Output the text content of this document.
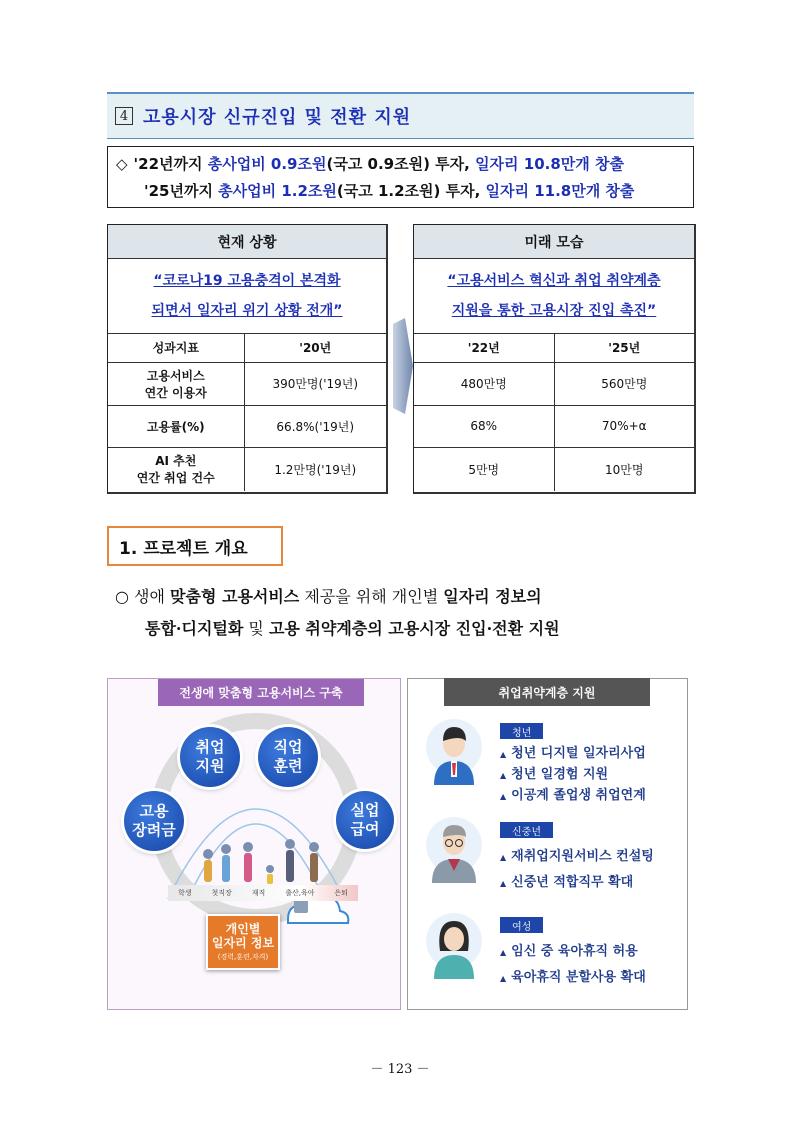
4 고용시장 신규진입 및 전환 지원
◇ '22년까지 총사업비 0.9조원(국고 0.9조원) 투자, 일자리 10.8만개 창출
'25년까지 총사업비 1.2조원(국고 1.2조원) 투자, 일자리 11.8만개 창출
현재 상황
“코로나19 고용충격이 본격화
되면서 일자리 위기 상황 전개”
성과지표	'20년

고용서비스
연간 이용자	390만명('19년)
고용률(%)	66.8%('19년)

AI 추천
연간 취업 건수	1.2만명('19년)
미래 모습
“고용서비스 혁신과 취업 취약계층
지원을 통한 고용시장 진입 촉진”
'22년	'25년
480만명	560만명
68%	70%+α
5만명	10만명
1. 프로젝트 개요
○ 생애 맞춤형 고용서비스 제공을 위해 개인별 일자리 정보의
통합·디지털화 및 고용 취약계층의 고용시장 진입·전환 지원
전생애 맞춤형 고용서비스 구축
취업
지원
직업
훈련
고용
장려금
실업
급여
학생	첫직장	재직	출산,육아	은퇴
개인별
일자리 정보
(경력,훈련,자격)
취업취약계층 지원
청년
▲ 청년 디지털 일자리사업
▲ 청년 일경험 지원
▲ 이공계 졸업생 취업연계
신중년
▲ 재취업지원서비스 컨설팅
▲ 신중년 적합직무 확대
여성
▲ 임신 중 육아휴직 허용
▲ 육아휴직 분할사용 확대
－ 123 －
